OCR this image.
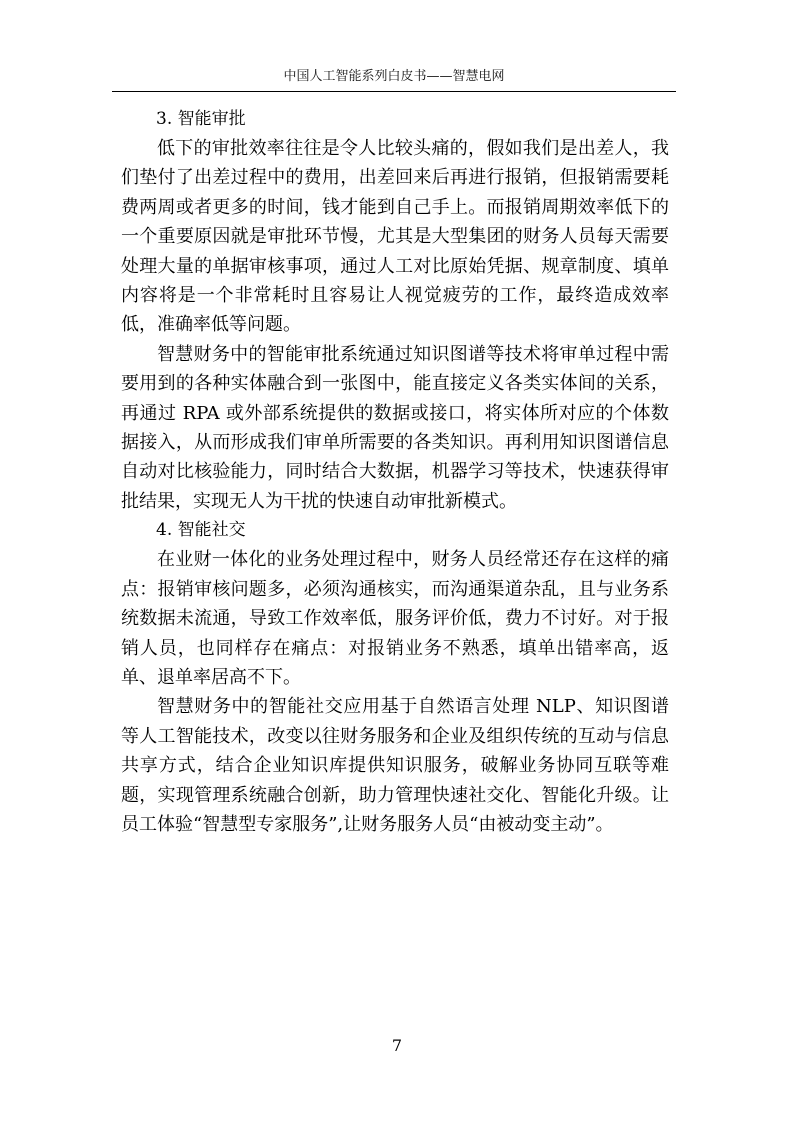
中国人工智能系列白皮书——智慧电网

3. 智能审批

低下的审批效率往往是令人比较头痛的，假如我们是出差人，我们垫付了出差过程中的费用，出差回来后再进行报销，但报销需要耗费两周或者更多的时间，钱才能到自己手上。而报销周期效率低下的一个重要原因就是审批环节慢，尤其是大型集团的财务人员每天需要处理大量的单据审核事项，通过人工对比原始凭据、规章制度、填单内容将是一个非常耗时且容易让人视觉疲劳的工作，最终造成效率低，准确率低等问题。

智慧财务中的智能审批系统通过知识图谱等技术将审单过程中需要用到的各种实体融合到一张图中，能直接定义各类实体间的关系，再通过 RPA 或外部系统提供的数据或接口，将实体所对应的个体数据接入，从而形成我们审单所需要的各类知识。再利用知识图谱信息自动对比核验能力，同时结合大数据，机器学习等技术，快速获得审批结果，实现无人为干扰的快速自动审批新模式。

4. 智能社交

在业财一体化的业务处理过程中，财务人员经常还存在这样的痛点：报销审核问题多，必须沟通核实，而沟通渠道杂乱，且与业务系统数据未流通，导致工作效率低，服务评价低，费力不讨好。对于报销人员，也同样存在痛点：对报销业务不熟悉，填单出错率高，返单、退单率居高不下。

智慧财务中的智能社交应用基于自然语言处理 NLP、知识图谱等人工智能技术，改变以往财务服务和企业及组织传统的互动与信息共享方式，结合企业知识库提供知识服务，破解业务协同互联等难题，实现管理系统融合创新，助力管理快速社交化、智能化升级。让员工体验“智慧型专家服务”,让财务服务人员“由被动变主动”。

7
